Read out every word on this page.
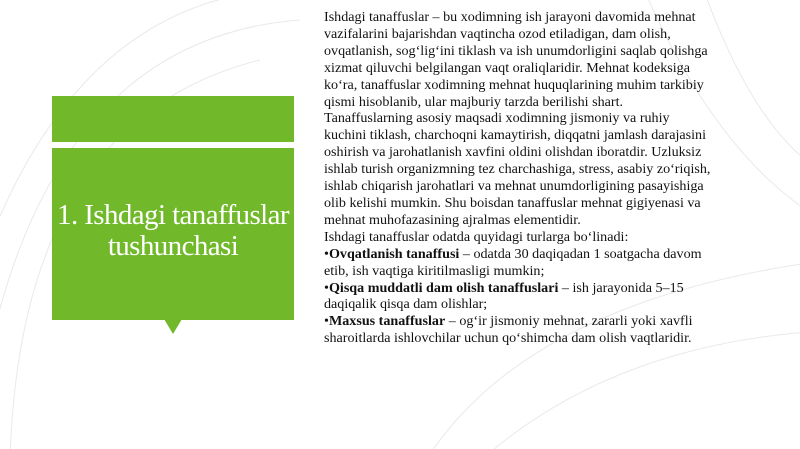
1. Ishdagi tanaffuslar tushunchasi

Ishdagi tanaffuslar – bu xodimning ish jarayoni davomida mehnat vazifalarini bajarishdan vaqtincha ozod etiladigan, dam olish, ovqatlanish, sog‘lig‘ini tiklash va ish unumdorligini saqlab qolishga xizmat qiluvchi belgilangan vaqt oraliqlaridir. Mehnat kodeksiga ko‘ra, tanaffuslar xodimning mehnat huquqlarining muhim tarkibiy qismi hisoblanib, ular majburiy tarzda berilishi shart.

Tanaffuslarning asosiy maqsadi xodimning jismoniy va ruhiy kuchini tiklash, charchoqni kamaytirish, diqqatni jamlash darajasini oshirish va jarohatlanish xavfini oldini olishdan iboratdir. Uzluksiz ishlab turish organizmning tez charchashiga, stress, asabiy zo‘riqish, ishlab chiqarish jarohatlari va mehnat unumdorligining pasayishiga olib kelishi mumkin. Shu boisdan tanaffuslar mehnat gigiyenasi va mehnat muhofazasining ajralmas elementidir.

Ishdagi tanaffuslar odatda quyidagi turlarga bo‘linadi:

•Ovqatlanish tanaffusi – odatda 30 daqiqadan 1 soatgacha davom etib, ish vaqtiga kiritilmasligi mumkin;

•Qisqa muddatli dam olish tanaffuslari – ish jarayonida 5–15 daqiqalik qisqa dam olishlar;

•Maxsus tanaffuslar – og‘ir jismoniy mehnat, zararli yoki xavfli sharoitlarda ishlovchilar uchun qo‘shimcha dam olish vaqtlaridir.
